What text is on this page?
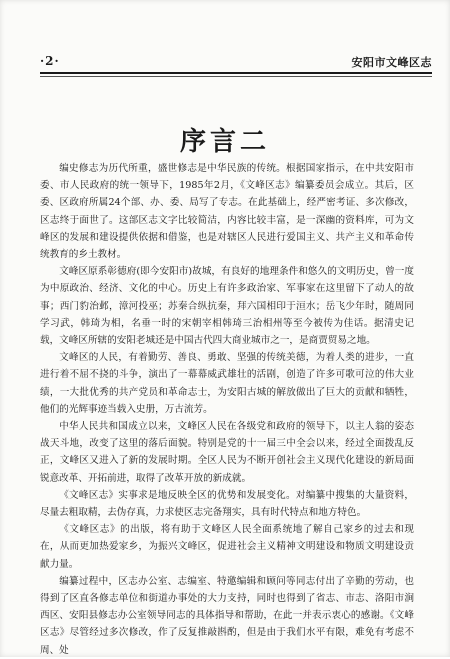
·2·	安阳市文峰区志
序言二

编史修志为历代所重，盛世修志是中华民族的传统。根据国家指示，在中共安阳市委、市人民政府的统一领导下，1985年2月，《文峰区志》编纂委员会成立。其后，区委、区政府所属24个部、办、委、局写了专志。在此基础上，经严密考证、多次修改，区志终于面世了。这部区志文字比较简洁，内容比较丰富，是一深幽的资料库，可为文峰区的发展和建设提供依据和借鉴，也是对辖区人民进行爱国主义、共产主义和革命传统教育的乡土教材。

文峰区原系彰德府(即今安阳市)故城，有良好的地理条件和悠久的文明历史，曾一度为中原政治、经济、文化的中心。历史上有许多政治家、军事家在这里留下了动人的故事；西门豹治邺，漳河投巫；苏秦合纵抗秦，拜六国相印于洹水；岳飞少年时，随周同学习武，韩琦为相，名垂一时的宋朝宰相韩琦三治相州等至今被传为佳话。据清史记载，文峰区所辖的安阳老城还是中国古代四大商业城市之一，是商贾贸易之地。

文峰区的人民，有着勤劳、善良、勇敢、坚强的传统美德，为着人类的进步，一直进行着不屈不挠的斗争，演出了一幕幕威武雄壮的活剧，创造了许多可歌可泣的伟大业绩，一大批优秀的共产党员和革命志士，为安阳古城的解放做出了巨大的贡献和牺牲，他们的光辉事迹当载入史册，万古流芳。

中华人民共和国成立以来，文峰区人民在各级党和政府的领导下，以主人翁的姿态战天斗地，改变了这里的落后面貌。特别是党的十一届三中全会以来，经过全面拨乱反正，文峰区又进入了新的发展时期。全区人民为不断开创社会主义现代化建设的新局面锐意改革、开拓前进，取得了改革开放的新成就。

《文峰区志》实事求是地反映全区的优势和发展变化。对编纂中搜集的大量资料，尽量去粗取精，去伪存真，力求使区志完备翔实，具有时代特点和地方特色。

《文峰区志》的出版，将有助于文峰区人民全面系统地了解自己家乡的过去和现在，从而更加热爱家乡，为振兴文峰区，促进社会主义精神文明建设和物质文明建设贡献力量。

编纂过程中，区志办公室、志编室、特邀编辑和顾问等同志付出了辛勤的劳动，也得到了区直各修志单位和街道办事处的大力支持，同时也得到了省志、市志、洛阳市涧西区、安阳县修志办公室领导同志的具体指导和帮助，在此一并表示衷心的感谢。《文峰区志》尽管经过多次修改，作了反复推敲斟酌，但是由于我们水平有限，难免有考虑不周、处
